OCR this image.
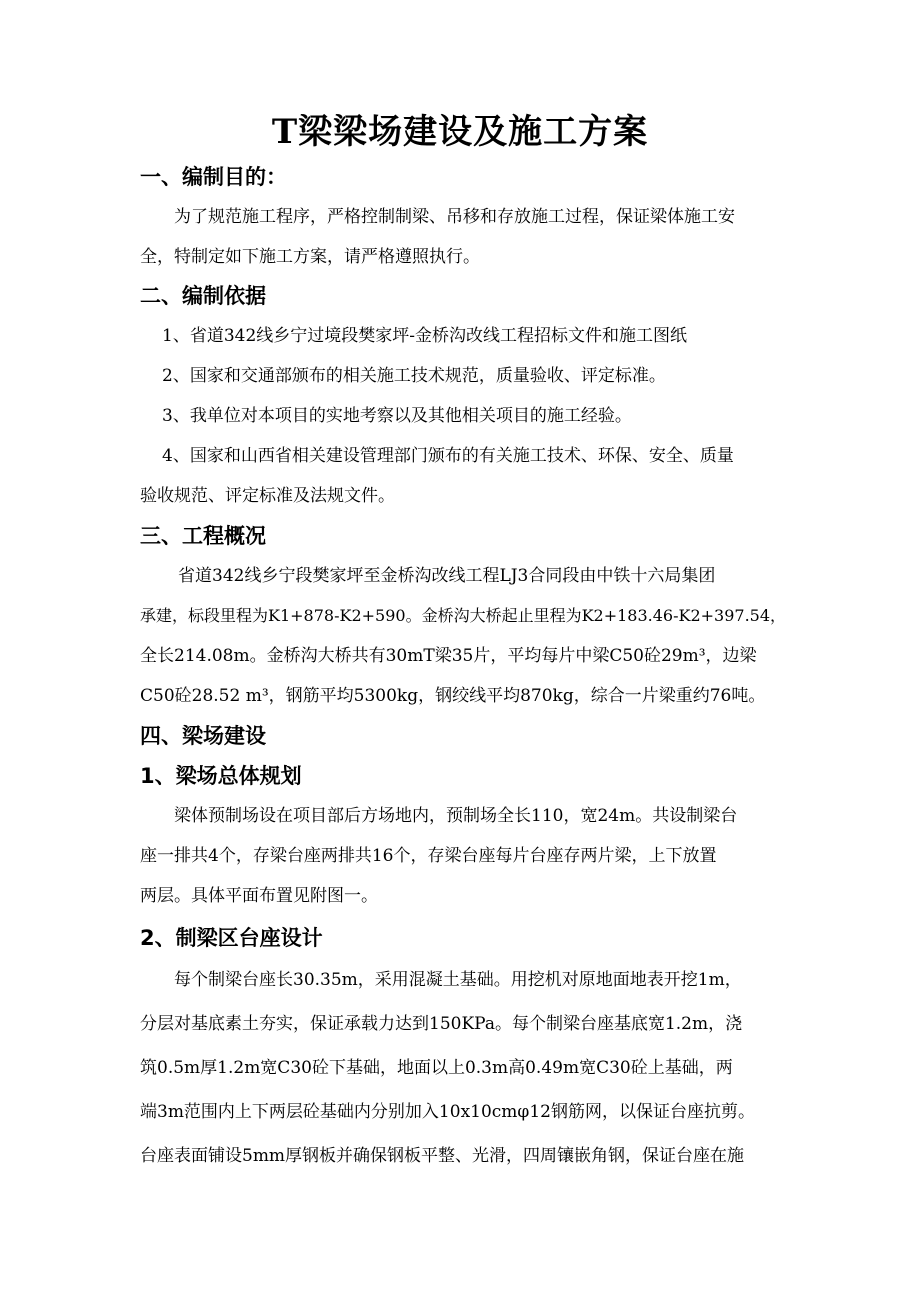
T梁梁场建设及施工方案
一、编制目的：
为了规范施工程序，严格控制制梁、吊移和存放施工过程，保证梁体施工安
全，特制定如下施工方案，请严格遵照执行。
二、编制依据
1、省道342线乡宁过境段樊家坪-金桥沟改线工程招标文件和施工图纸
2、国家和交通部颁布的相关施工技术规范，质量验收、评定标准。
3、我单位对本项目的实地考察以及其他相关项目的施工经验。
4、国家和山西省相关建设管理部门颁布的有关施工技术、环保、安全、质量
验收规范、评定标准及法规文件。
三、工程概况
省道342线乡宁段樊家坪至金桥沟改线工程LJ3合同段由中铁十六局集团
承建，标段里程为K1+878-K2+590。金桥沟大桥起止里程为K2+183.46-K2+397.54，
全长214.08m。金桥沟大桥共有30mT梁35片，平均每片中梁C50砼29m³，边梁
C50砼28.52 m³，钢筋平均5300kg，钢绞线平均870kg，综合一片梁重约76吨。
四、梁场建设
1、梁场总体规划
梁体预制场设在项目部后方场地内，预制场全长110，宽24m。共设制梁台
座一排共4个，存梁台座两排共16个，存梁台座每片台座存两片梁，上下放置
两层。具体平面布置见附图一。
2、制梁区台座设计
每个制梁台座长30.35m，采用混凝土基础。用挖机对原地面地表开挖1m，
分层对基底素土夯实，保证承载力达到150KPa。每个制梁台座基底宽1.2m，浇
筑0.5m厚1.2m宽C30砼下基础，地面以上0.3m高0.49m宽C30砼上基础，两
端3m范围内上下两层砼基础内分别加入10x10cmφ12钢筋网，以保证台座抗剪。
台座表面铺设5mm厚钢板并确保钢板平整、光滑，四周镶嵌角钢，保证台座在施
